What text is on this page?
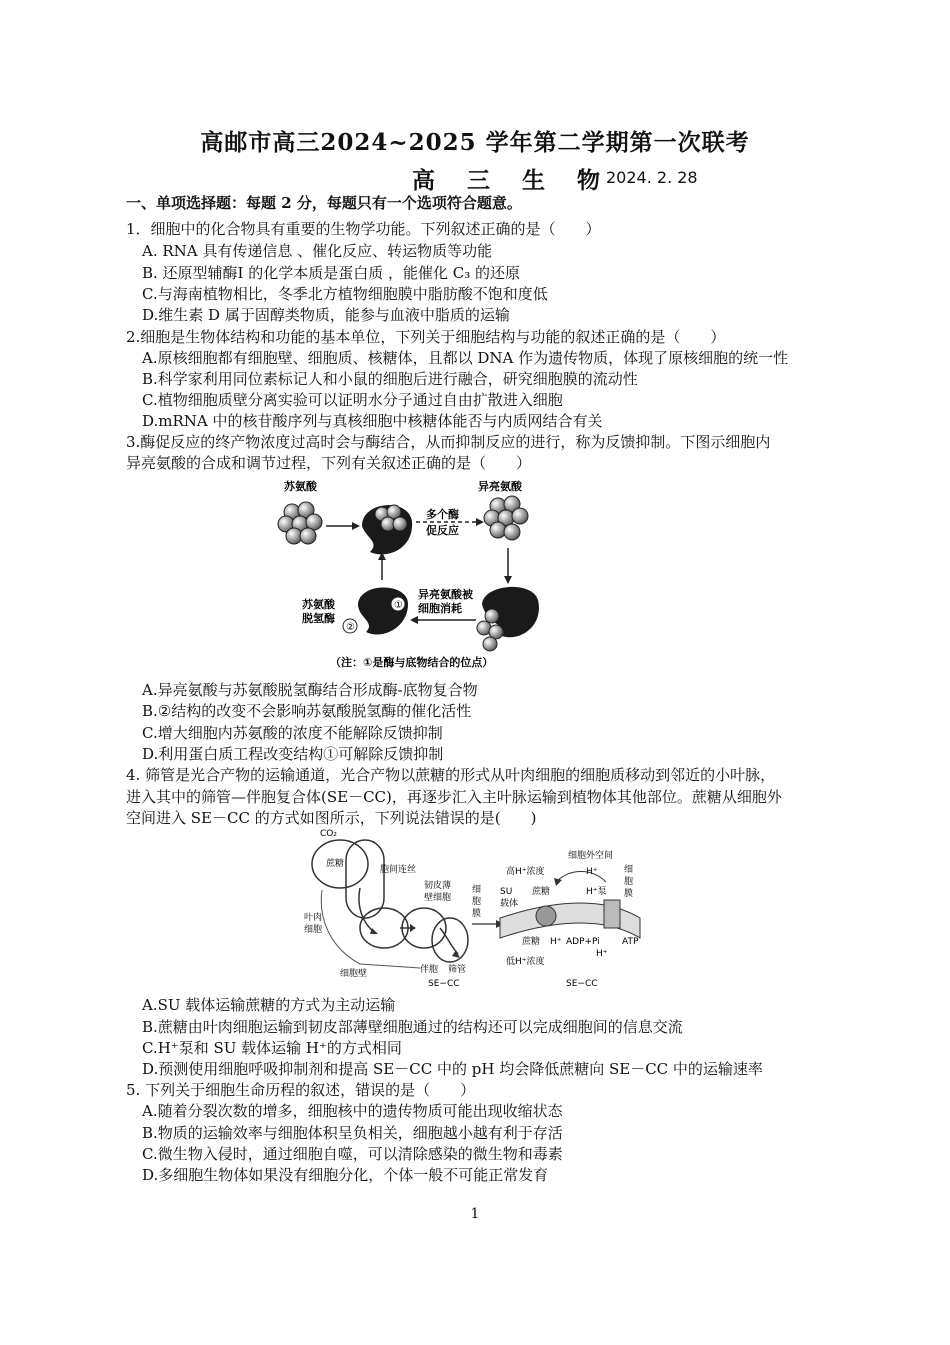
高邮市高三2024~2025 学年第二学期第一次联考
高 三 生 物
2024. 2. 28
一、单项选择题：每题 2 分，每题只有一个选项符合题意。
1．细胞中的化合物具有重要的生物学功能。下列叙述正确的是（　　）
A. RNA 具有传递信息 、催化反应、转运物质等功能
B. 还原型辅酶Ⅰ 的化学本质是蛋白质 ，能催化 C₃ 的还原
C.与海南植物相比，冬季北方植物细胞膜中脂肪酸不饱和度低
D.维生素 D 属于固醇类物质，能参与血液中脂质的运输
2.细胞是生物体结构和功能的基本单位，下列关于细胞结构与功能的叙述正确的是（　　）
A.原核细胞都有细胞壁、细胞质、核糖体，且都以 DNA 作为遗传物质，体现了原核细胞的统一性
B.科学家利用同位素标记人和小鼠的细胞后进行融合，研究细胞膜的流动性
C.植物细胞质壁分离实验可以证明水分子通过自由扩散进入细胞
D.mRNA 中的核苷酸序列与真核细胞中核糖体能否与内质网结合有关
3.酶促反应的终产物浓度过高时会与酶结合，从而抑制反应的进行，称为反馈抑制。下图示细胞内
异亮氨酸的合成和调节过程，下列有关叙述正确的是（　　）
苏氨酸	异亮氨酸
多个酶
促反应
异亮氨酸被
细胞消耗
①
②
苏氨酸
脱氢酶
（注：①是酶与底物结合的位点）
A.异亮氨酸与苏氨酸脱氢酶结合形成酶-底物复合物
B.②结构的改变不会影响苏氨酸脱氢酶的催化活性
C.增大细胞内苏氨酸的浓度不能解除反馈抑制
D.利用蛋白质工程改变结构①可解除反馈抑制
4. 筛管是光合产物的运输通道，光合产物以蔗糖的形式从叶肉细胞的细胞质移动到邻近的小叶脉，
进入其中的筛管—伴胞复合体(SE－CC)，再逐步汇入主叶脉运输到植物体其他部位。蔗糖从细胞外
空间进入 SE－CC 的方式如图所示，下列说法错误的是(　　)
CO₂
蔗糖
胞间连丝
叶肉
细胞
韧皮薄
壁细胞
细
胞
膜
细胞壁	伴胞 筛管
SE−CC
细胞外空间
高H⁺浓度	H⁺
SU
载体
蔗糖	H⁺泵
细
胞
膜
蔗糖 H⁺ ADP+Pi ATP
H⁺
低H⁺浓度
SE−CC
A.SU 载体运输蔗糖的方式为主动运输
B.蔗糖由叶肉细胞运输到韧皮部薄壁细胞通过的结构还可以完成细胞间的信息交流
C.H⁺泵和 SU 载体运输 H⁺的方式相同
D.预测使用细胞呼吸抑制剂和提高 SE－CC 中的 pH 均会降低蔗糖向 SE－CC 中的运输速率
5. 下列关于细胞生命历程的叙述，错误的是（　　）
A.随着分裂次数的增多，细胞核中的遗传物质可能出现收缩状态
B.物质的运输效率与细胞体积呈负相关，细胞越小越有利于存活
C.微生物入侵时，通过细胞自噬，可以清除感染的微生物和毒素
D.多细胞生物体如果没有细胞分化，个体一般不可能正常发育
1
